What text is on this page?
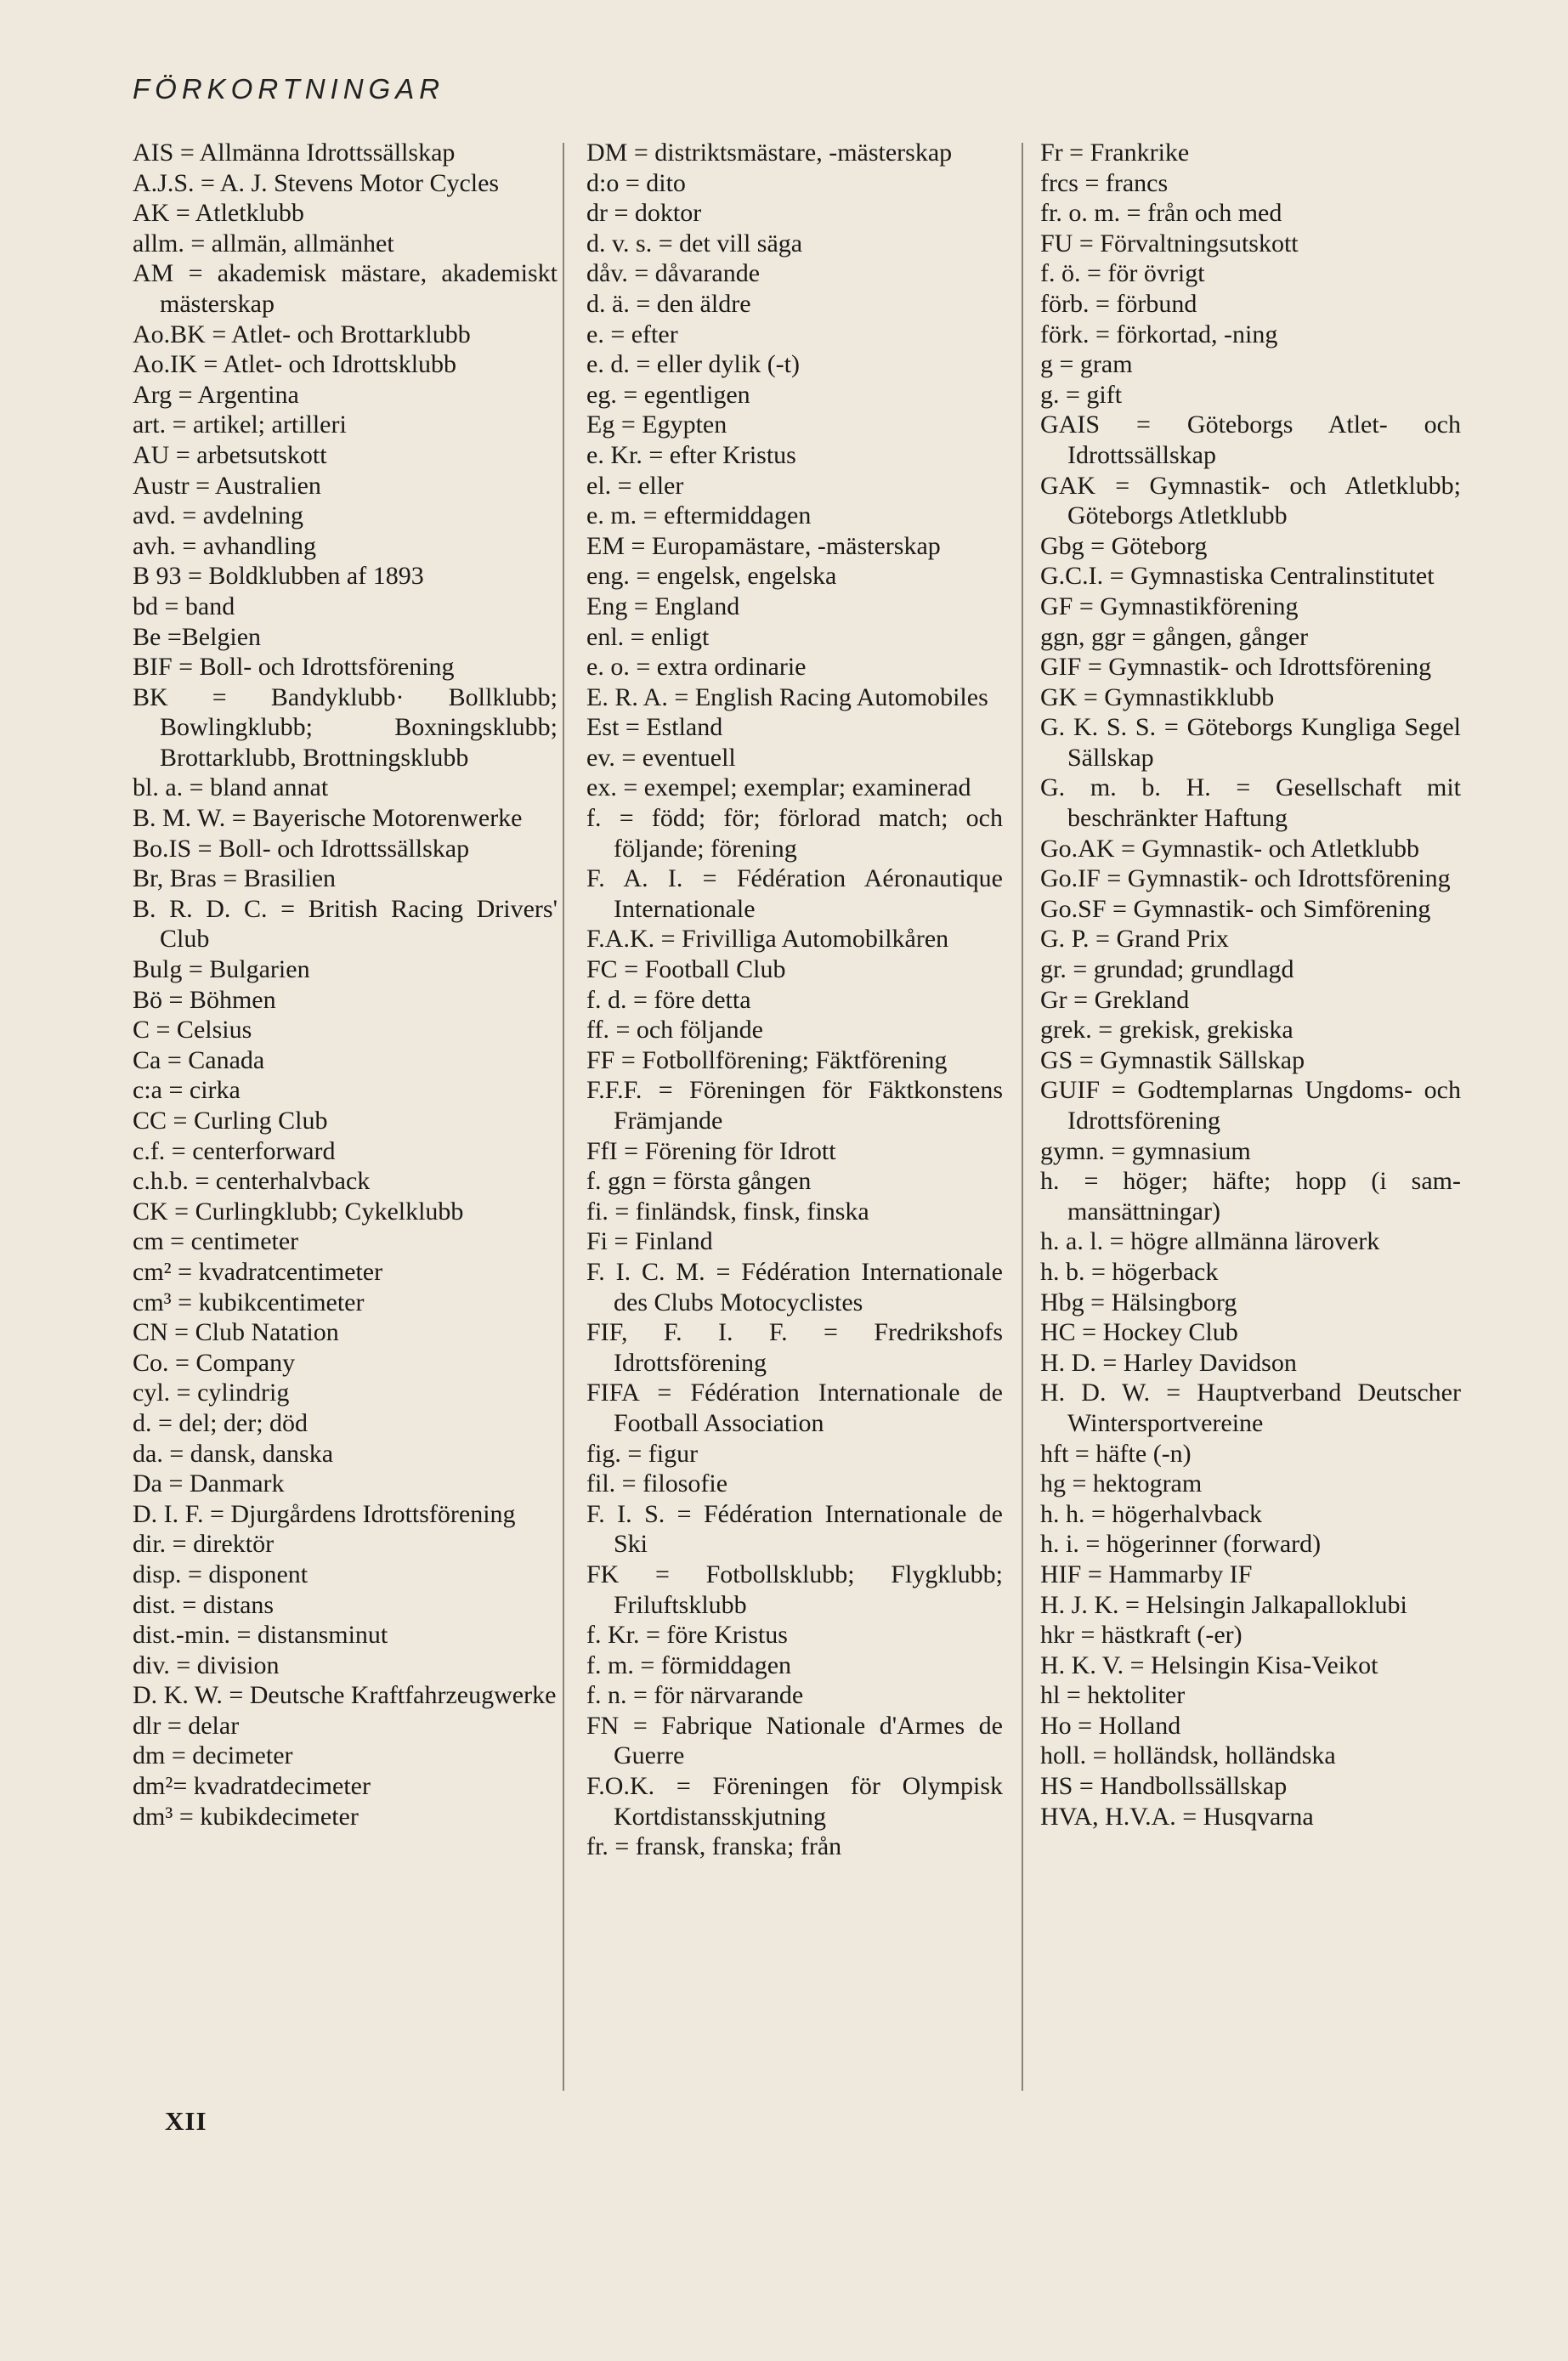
FÖRKORTNINGAR
AIS = Allmänna Idrottssällskap
A.J.S. = A. J. Stevens Motor Cycles
AK = Atletklubb
allm. = allmän, allmänhet
AM = akademisk mästare, akademiskt mästerskap
Ao.BK = Atlet- och Brottarklubb
Ao.IK = Atlet- och Idrottsklubb
Arg = Argentina
art. = artikel; artilleri
AU = arbetsutskott
Austr = Australien
avd. = avdelning
avh. = avhandling
B 93 = Boldklubben af 1893
bd = band
Be =Belgien
BIF = Boll- och Idrottsförening
BK = Bandyklubb· Bollklubb; Bowlingklubb; Boxningsklubb; Brottarklubb, Brottningsklubb
bl. a. = bland annat
B. M. W. = Bayerische Motorenwerke
Bo.IS = Boll- och Idrottssällskap
Br, Bras = Brasilien
B. R. D. C. = British Racing Drivers' Club
Bulg = Bulgarien
Bö = Böhmen
C = Celsius
Ca = Canada
c:a = cirka
CC = Curling Club
c.f. = centerforward
c.h.b. = centerhalvback
CK = Curlingklubb; Cykelklubb
cm = centimeter
cm² = kvadratcentimeter
cm³ = kubikcentimeter
CN = Club Natation
Co. = Company
cyl. = cylindrig
d. = del; der; död
da. = dansk, danska
Da = Danmark
D. I. F. = Djurgårdens Idrottsförening
dir. = direktör
disp. = disponent
dist. = distans
dist.-min. = distansminut
div. = division
D. K. W. = Deutsche Kraftfahrzeugwerke
dlr = delar
dm = decimeter
dm²= kvadratdecimeter
dm³ = kubikdecimeter
DM = distriktsmästare, -mästerskap
d:o = dito
dr = doktor
d. v. s. = det vill säga
dåv. = dåvarande
d. ä. = den äldre
e. = efter
e. d. = eller dylik (-t)
eg. = egentligen
Eg = Egypten
e. Kr. = efter Kristus
el. = eller
e. m. = eftermiddagen
EM = Europamästare, -mästerskap
eng. = engelsk, engelska
Eng = England
enl. = enligt
e. o. = extra ordinarie
E. R. A. = English Racing Automobiles
Est = Estland
ev. = eventuell
ex. = exempel; exemplar; examinerad
f. = född; för; förlorad match; och följande; förening
F. A. I. = Fédération Aéronautique Internationale
F.A.K. = Frivilliga Automobilkåren
FC = Football Club
f. d. = före detta
ff. = och följande
FF = Fotbollförening; Fäktförening
F.F.F. = Föreningen för Fäktkonstens Främjande
FfI = Förening för Idrott
f. ggn = första gången
fi. = finländsk, finsk, finska
Fi = Finland
F. I. C. M. = Fédération Internationale des Clubs Motocyclistes
FIF, F. I. F. = Fredrikshofs Idrottsförening
FIFA = Fédération Internationale de Football Association
fig. = figur
fil. = filosofie
F. I. S. = Fédération Internationale de Ski
FK = Fotbollsklubb; Flygklubb; Friluftsklubb
f. Kr. = före Kristus
f. m. = förmiddagen
f. n. = för närvarande
FN = Fabrique Nationale d'Armes de Guerre
F.O.K. = Föreningen för Olympisk Kortdistansskjutning
fr. = fransk, franska; från
Fr = Frankrike
frcs = francs
fr. o. m. = från och med
FU = Förvaltningsutskott
f. ö. = för övrigt
förb. = förbund
förk. = förkortad, -ning
g = gram
g. = gift
GAIS = Göteborgs Atlet- och Idrottssällskap
GAK = Gymnastik- och Atletklubb; Göteborgs Atletklubb
Gbg = Göteborg
G.C.I. = Gymnastiska Centralinstitutet
GF = Gymnastikförening
ggn, ggr = gången, gånger
GIF = Gymnastik- och Idrottsförening
GK = Gymnastikklubb
G. K. S. S. = Göteborgs Kungliga Segel Sällskap
G. m. b. H. = Gesellschaft mit beschränkter Haftung
Go.AK = Gymnastik- och Atletklubb
Go.IF = Gymnastik- och Idrottsförening
Go.SF = Gymnastik- och Simförening
G. P. = Grand Prix
gr. = grundad; grundlagd
Gr = Grekland
grek. = grekisk, grekiska
GS = Gymnastik Sällskap
GUIF = Godtemplarnas Ungdoms- och Idrottsförening
gymn. = gymnasium
h. = höger; häfte; hopp (i sammansättningar)
h. a. l. = högre allmänna läroverk
h. b. = högerback
Hbg = Hälsingborg
HC = Hockey Club
H. D. = Harley Davidson
H. D. W. = Hauptverband Deutscher Wintersportvereine
hft = häfte (-n)
hg = hektogram
h. h. = högerhalvback
h. i. = högerinner (forward)
HIF = Hammarby IF
H. J. K. = Helsingin Jalkapalloklubi
hkr = hästkraft (-er)
H. K. V. = Helsingin Kisa-Veikot
hl = hektoliter
Ho = Holland
holl. = holländsk, holländska
HS = Handbollssällskap
HVA, H.V.A. = Husqvarna
XII
